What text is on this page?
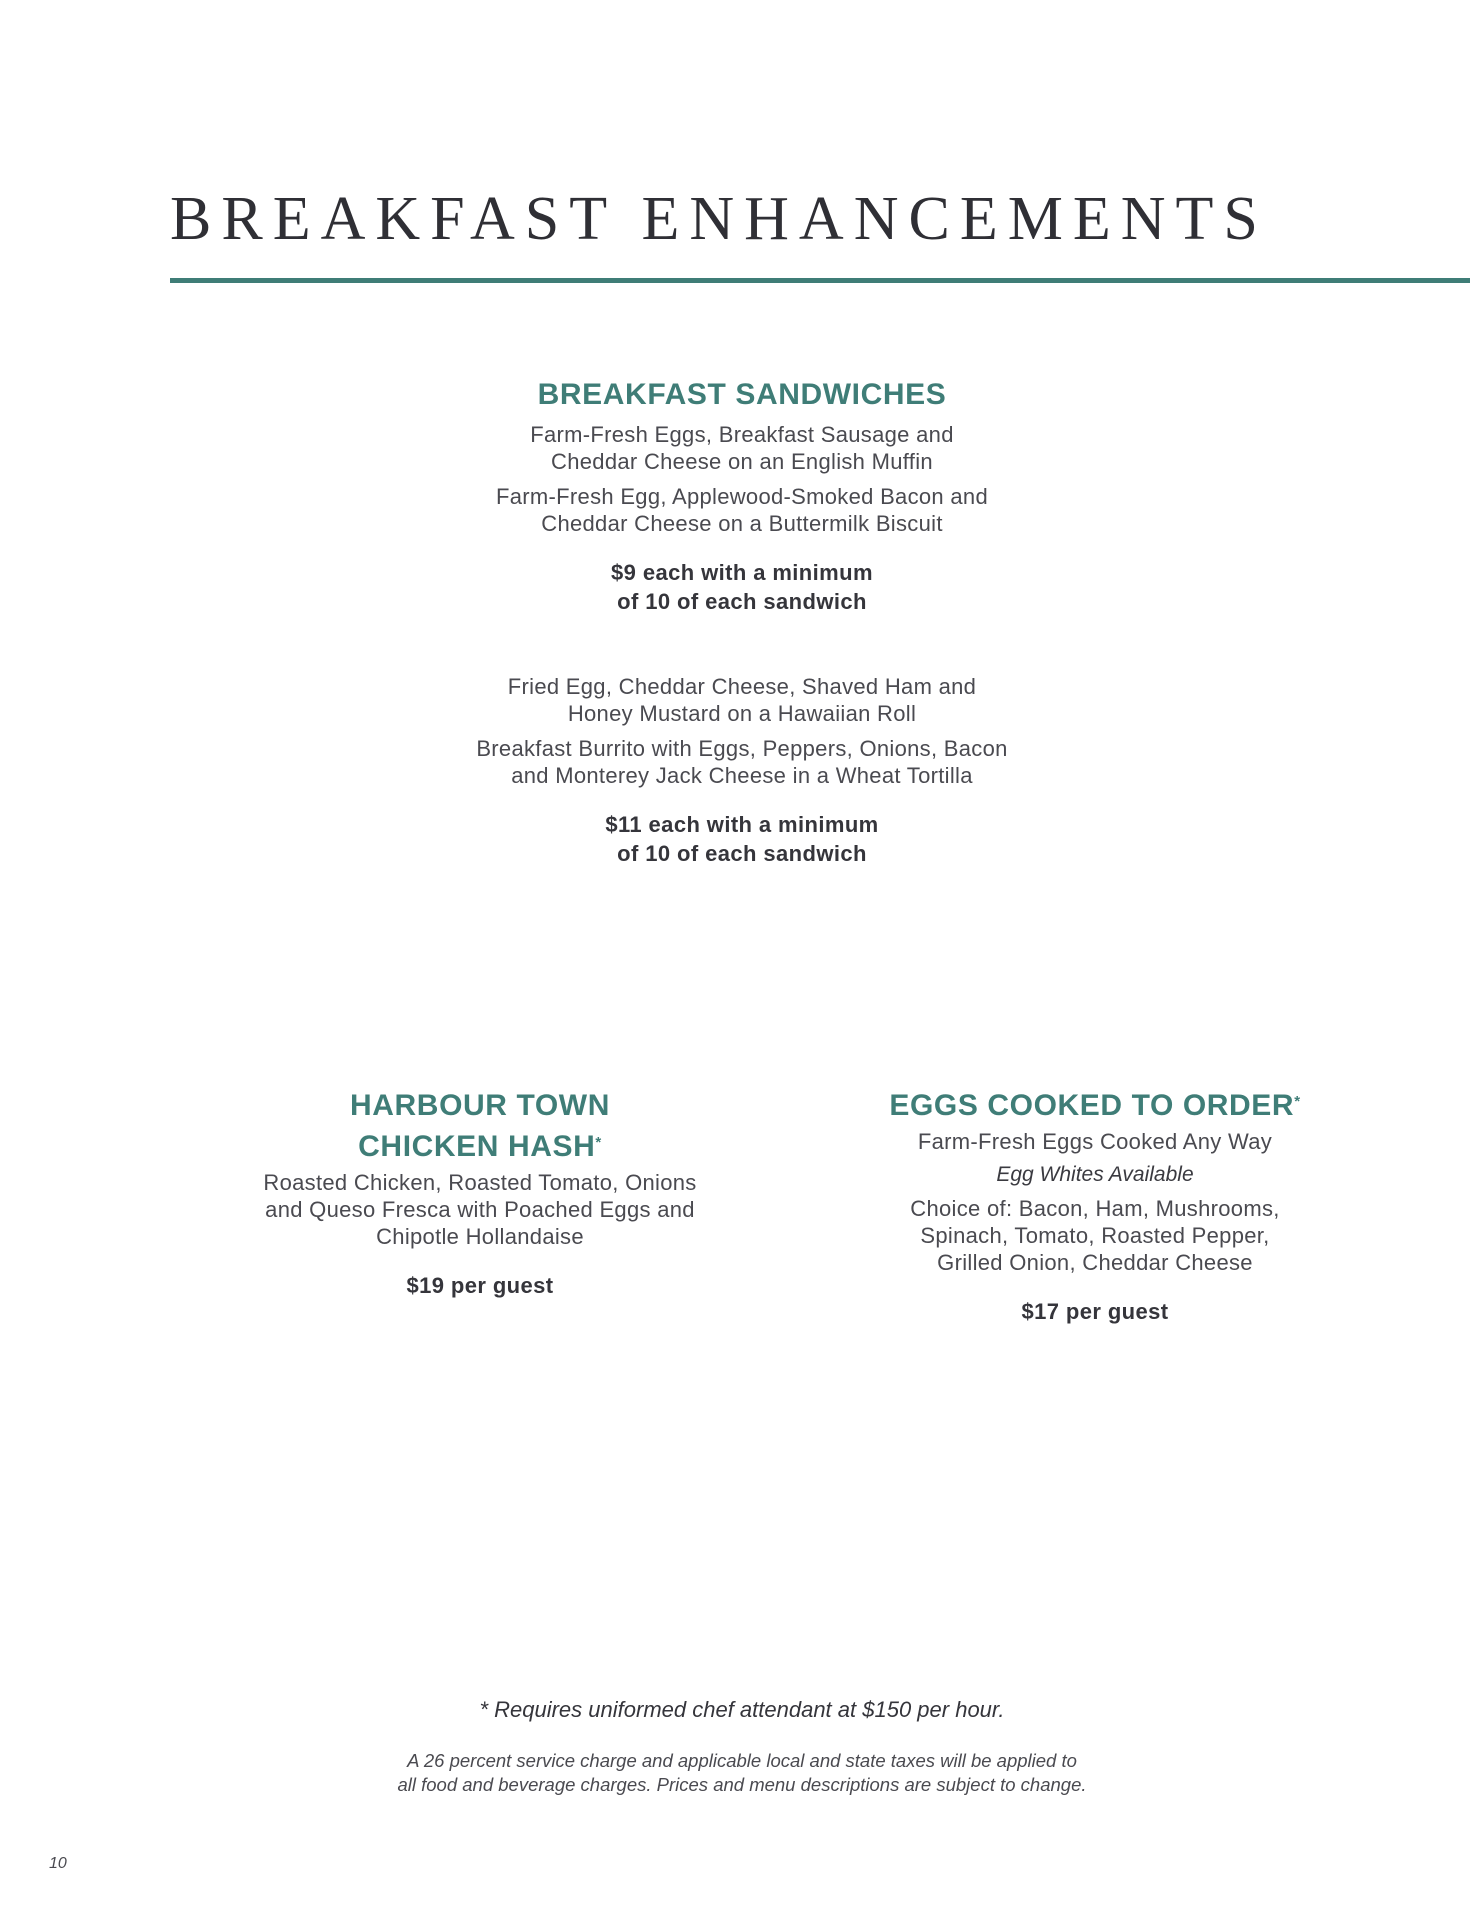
BREAKFAST ENHANCEMENTS
BREAKFAST SANDWICHES

Farm-Fresh Eggs, Breakfast Sausage and
Cheddar Cheese on an English Muffin

Farm-Fresh Egg, Applewood-Smoked Bacon and
Cheddar Cheese on a Buttermilk Biscuit

$9 each with a minimum
of 10 of each sandwich

Fried Egg, Cheddar Cheese, Shaved Ham and
Honey Mustard on a Hawaiian Roll

Breakfast Burrito with Eggs, Peppers, Onions, Bacon
and Monterey Jack Cheese in a Wheat Tortilla

$11 each with a minimum
of 10 of each sandwich

HARBOUR TOWN
CHICKEN HASH*

Roasted Chicken, Roasted Tomato, Onions
and Queso Fresca with Poached Eggs and
Chipotle Hollandaise

$19 per guest

EGGS COOKED TO ORDER*

Farm-Fresh Eggs Cooked Any Way

Egg Whites Available

Choice of: Bacon, Ham, Mushrooms,
Spinach, Tomato, Roasted Pepper,
Grilled Onion, Cheddar Cheese

$17 per guest

* Requires uniformed chef attendant at $150 per hour.

A 26 percent service charge and applicable local and state taxes will be applied to
all food and beverage charges. Prices and menu descriptions are subject to change.

10
